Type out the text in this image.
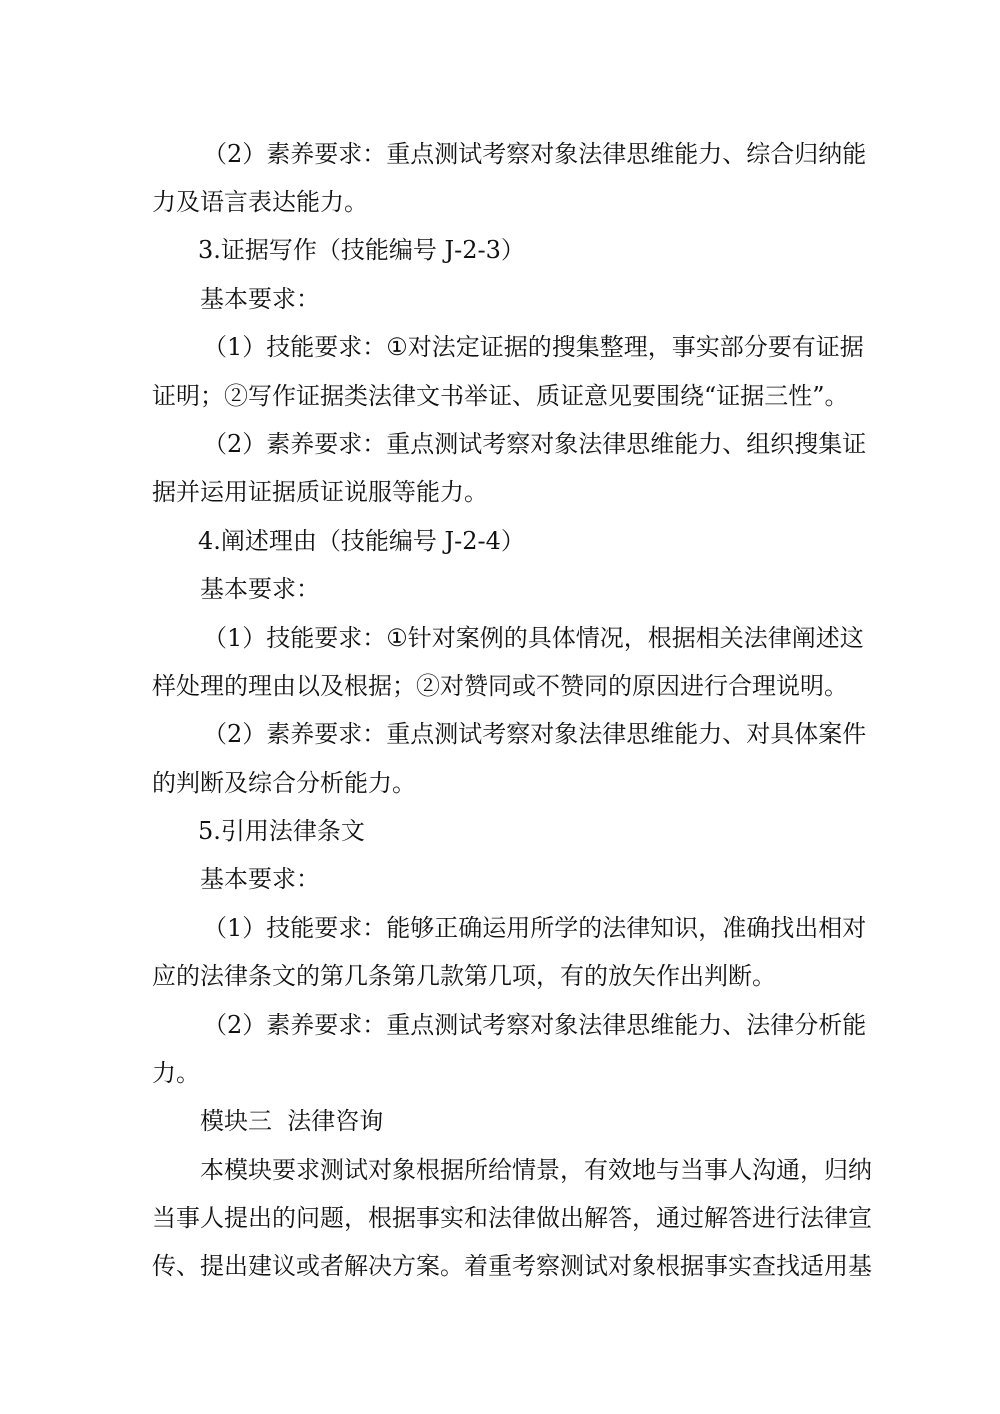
（ 2 ） 素 养 要 求 ： 重 点 测 试 考 察 对 象 法 律 思 维 能 力 、 综 合 归 纳 能
力及语言表达能力。
3.证据写作（技能编号 J-2-3）
基本要求：
（ 1 ） 技 能 要 求 ： ① 对 法 定 证 据 的 搜 集 整 理 ， 事 实 部 分 要 有 证 据
证明；②写作证据类法律文书举证、质证意见要围绕“证据三性”。
（ 2 ） 素 养 要 求 ： 重 点 测 试 考 察 对 象 法 律 思 维 能 力 、 组 织 搜 集 证
据并运用证据质证说服等能力。
4.阐述理由（技能编号 J-2-4）
基本要求：
（ 1 ） 技 能 要 求 ： ① 针 对 案 例 的 具 体 情 况 ， 根 据 相 关 法 律 阐 述 这
样处理的理由以及根据；②对赞同或不赞同的原因进行合理说明。
（ 2 ） 素 养 要 求 ： 重 点 测 试 考 察 对 象 法 律 思 维 能 力 、 对 具 体 案 件
的判断及综合分析能力。
5.引用法律条文
基本要求：
（ 1 ） 技 能 要 求 ： 能 够 正 确 运 用 所 学 的 法 律 知 识 ， 准 确 找 出 相 对
应的法律条文的第几条第几款第几项，有的放矢作出判断。
（ 2 ） 素 养 要 求 ： 重 点 测 试 考 察 对 象 法 律 思 维 能 力 、 法 律 分 析 能
力。
模块三  法律咨询
本 模 块 要 求 测 试 对 象 根 据 所 给 情 景 ， 有 效 地 与 当 事 人 沟 通 ， 归 纳
当 事 人 提 出 的 问 题 ， 根 据 事 实 和 法 律 做 出 解 答 ， 通 过 解 答 进 行 法 律 宣
传 、 提 出 建 议 或 者 解 决 方 案 。 着 重 考 察 测 试 对 象 根 据 事 实 查 找 适 用 基
